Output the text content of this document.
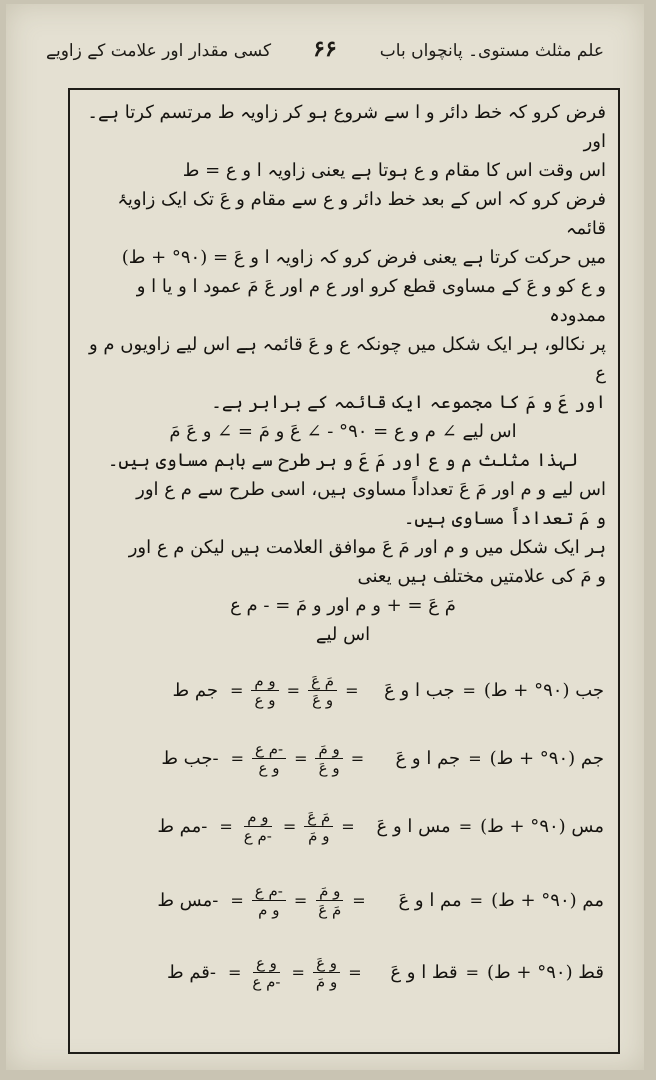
علم مثلث مستوی۔ پانچواں باب
۶۶
کسی مقدار اور علامت کے زاویے

فرض کرو کہ خط دائر و ا سے شروع ہو کر زاویہ ط مرتسم کرتا ہے۔ اور

اس وقت اس کا مقام و ع ہوتا ہے یعنی زاویہ ا و ع = ط

فرض کرو کہ اس کے بعد خط دائر و ع سے مقام و عَ تک ایک زاویۂ قائمہ

میں حرکت کرتا ہے یعنی فرض کرو کہ زاویہ ا و عَ = (۹۰° + ط)

و ع کو و عَ کے مساوی قطع کرو اور ع م اور عَ مَ عمود ا و یا ا و ممدودہ

پر نکالو، ہر ایک شکل میں چونکہ ع و عَ قائمہ ہے اس لیے زاویوں م و ع

اور عَ و مَ کا مجموعہ ایک قائمہ کے برابر ہے۔

اس لیے ∠ م و ع = ۹۰° - ∠ عَ و مَ = ∠ و عَ مَ

لہذا مثلث م و ع اور مَ عَ و ہر طرح سے باہم مساوی ہیں۔

اس لیے و م اور مَ عَ تعداداً مساوی ہیں، اسی طرح سے م ع اور

و مَ تعداداً مساوی ہیں۔

ہر ایک شکل میں و م اور مَ عَ موافق العلامت ہیں لیکن م ع اور

و مَ کی علامتیں مختلف ہیں یعنی

مَ عَ = + و م اور و مَ = - م ع

اس لیے

جب (۹۰° + ط)
=
جب ا و عَ
=
$\frac{\text{مَ عَ}}{\text{و عَ}}$
=
$\frac{\text{و م}}{\text{و ع}}$
=
جم ط
جم (۹۰° + ط)
=
جم ا و عَ
=
$\frac{\text{و مَ}}{\text{و عَ}}$
=
$\frac{\text{-م ع}}{\text{و ع}}$
=
-جب ط
مس (۹۰° + ط)
=
مس ا و عَ
=
$\frac{\text{مَ عَ}}{\text{و مَ}}$
=
$\frac{\text{و م}}{\text{-م ع}}$
=
-مم ط
مم (۹۰° + ط)
=
مم ا و عَ
=
$\frac{\text{و مَ}}{\text{مَ عَ}}$
=
$\frac{\text{-م ع}}{\text{و م}}$
=
-مس ط
قط (۹۰° + ط)
=
قط ا و عَ
=
$\frac{\text{و عَ}}{\text{و مَ}}$
=
$\frac{\text{و ع}}{\text{-م ع}}$
=
-قم ط
